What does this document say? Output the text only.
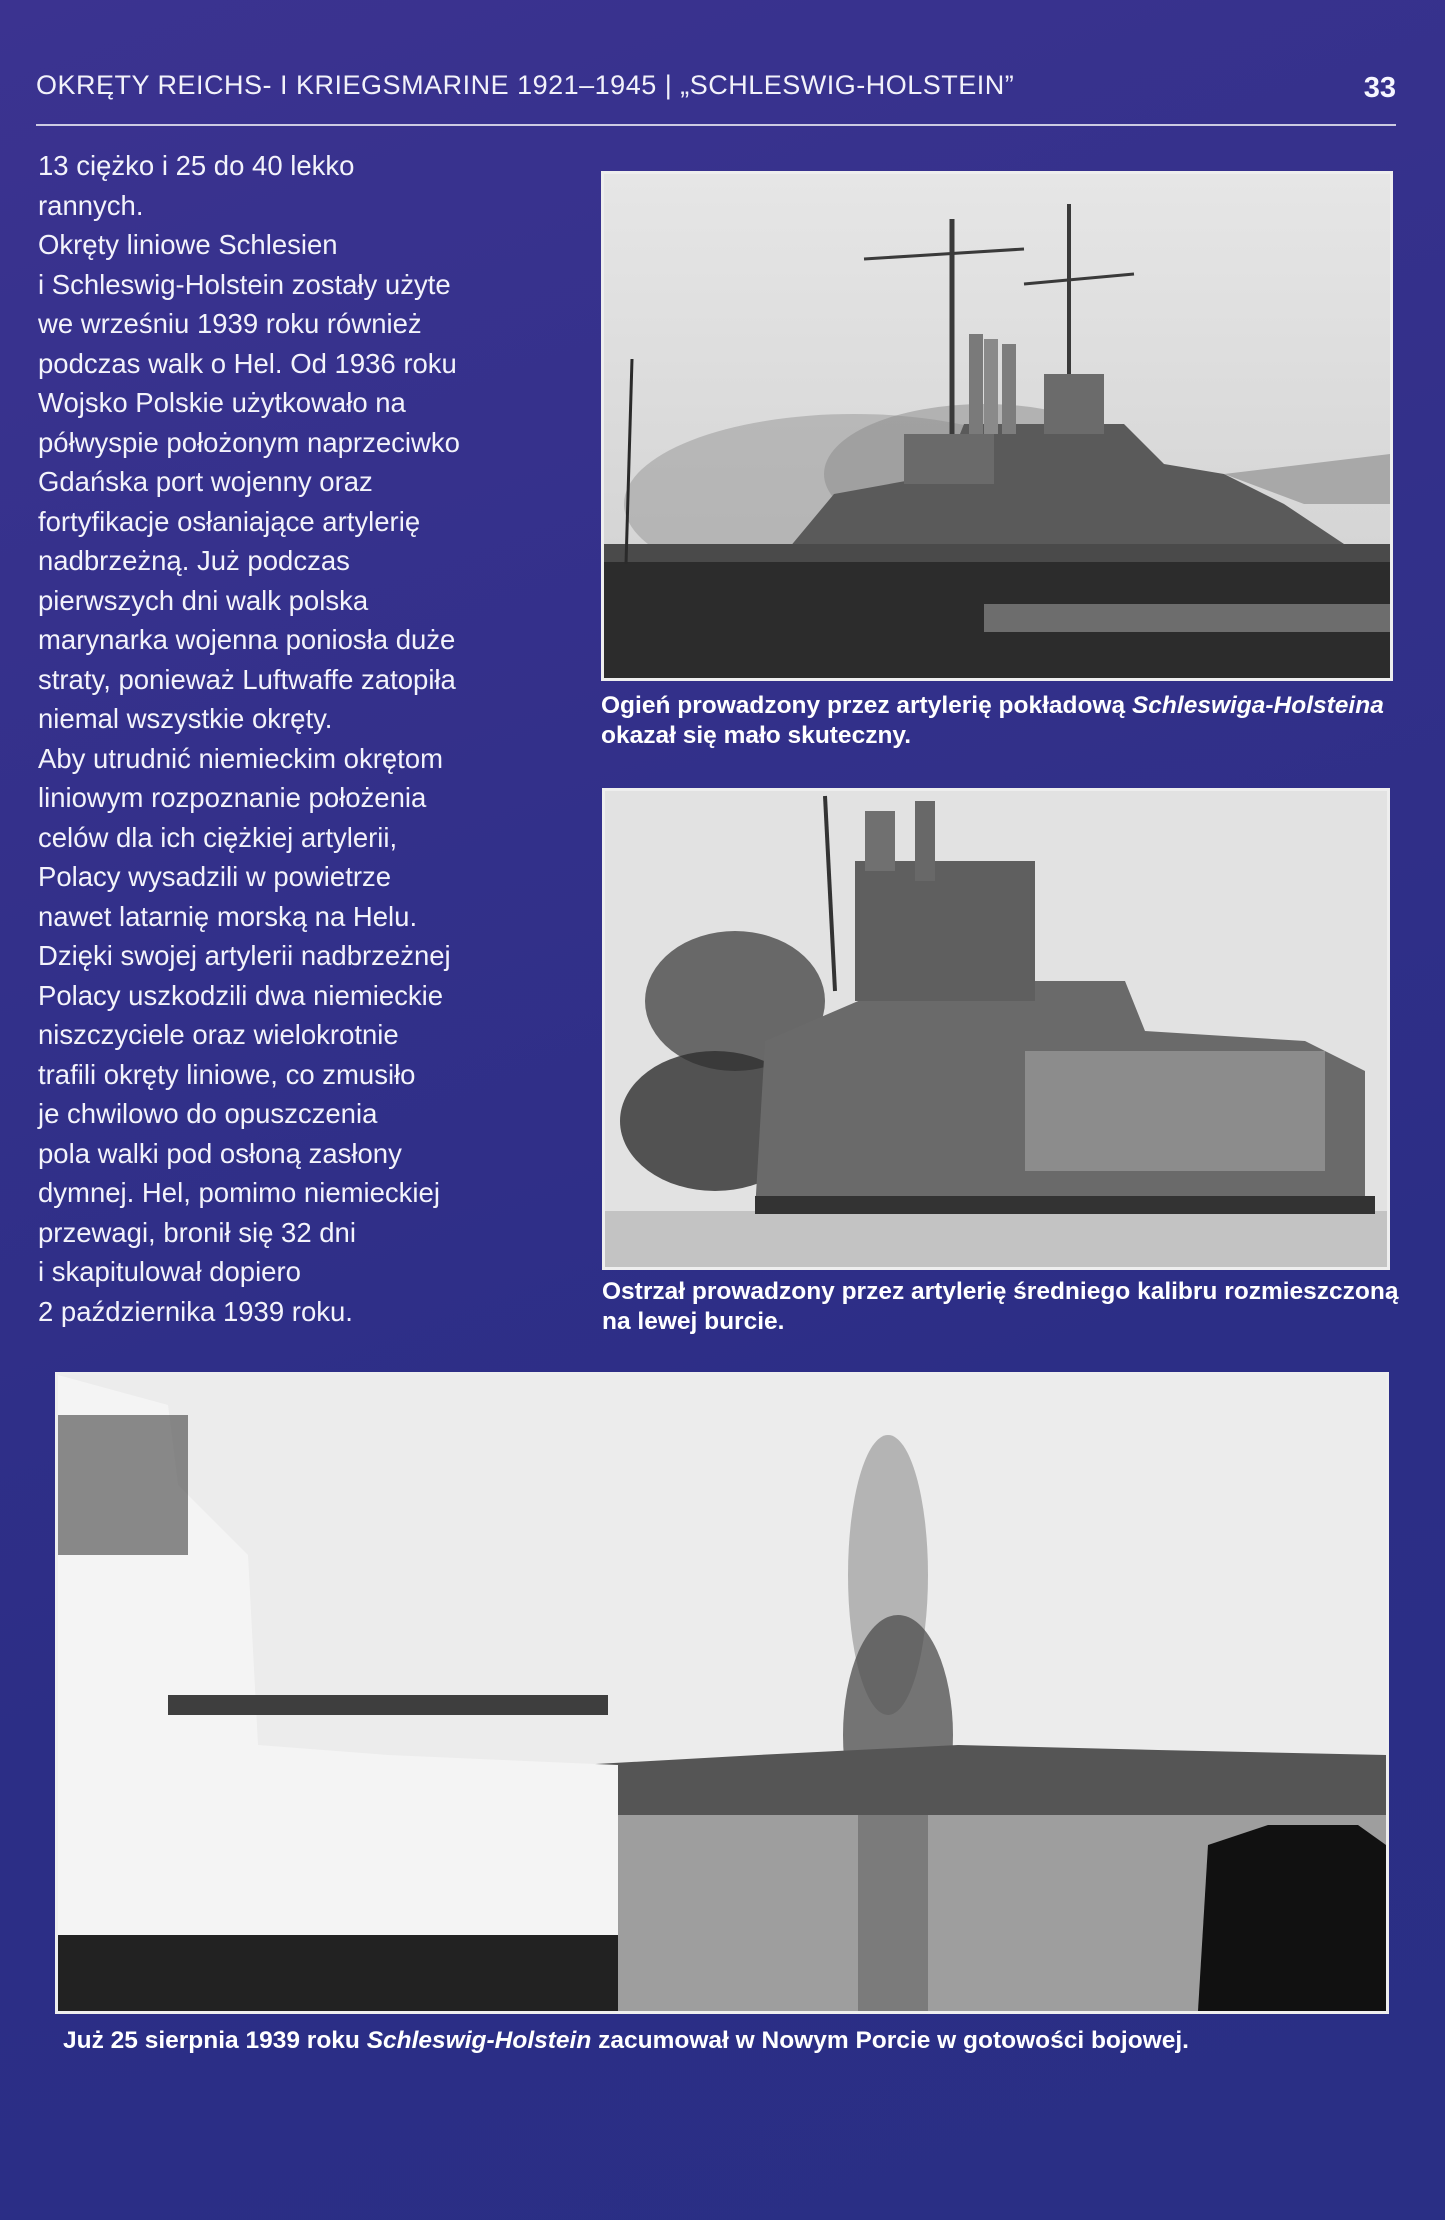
OKRĘTY REICHS- I KRIEGSMARINE 1921–1945 | „SCHLESWIG-HOLSTEIN”	33
13 ciężko i 25 do 40 lekko
rannych.
Okręty liniowe Schlesien
i Schleswig-Holstein zostały użyte
we wrześniu 1939 roku również
podczas walk o Hel. Od 1936 roku
Wojsko Polskie użytkowało na
półwyspie położonym naprzeciwko
Gdańska port wojenny oraz
fortyfikacje osłaniające artylerię
nadbrzeżną. Już podczas
pierwszych dni walk polska
marynarka wojenna poniosła duże
straty, ponieważ Luftwaffe zatopiła
niemal wszystkie okręty.
Aby utrudnić niemieckim okrętom
liniowym rozpoznanie położenia
celów dla ich ciężkiej artylerii,
Polacy wysadzili w powietrze
nawet latarnię morską na Helu.
Dzięki swojej artylerii nadbrzeżnej
Polacy uszkodzili dwa niemieckie
niszczyciele oraz wielokrotnie
trafili okręty liniowe, co zmusiło
je chwilowo do opuszczenia
pola walki pod osłoną zasłony
dymnej. Hel, pomimo niemieckiej
przewagi, bronił się 32 dni
i skapitulował dopiero
2 października 1939 roku.
Ogień prowadzony przez artylerię pokładową Schleswiga-Holsteina
okazał się mało skuteczny.
Ostrzał prowadzony przez artylerię średniego kalibru rozmieszczoną
na lewej burcie.
Już 25 sierpnia 1939 roku Schleswig-Holstein zacumował w Nowym Porcie w gotowości bojowej.
